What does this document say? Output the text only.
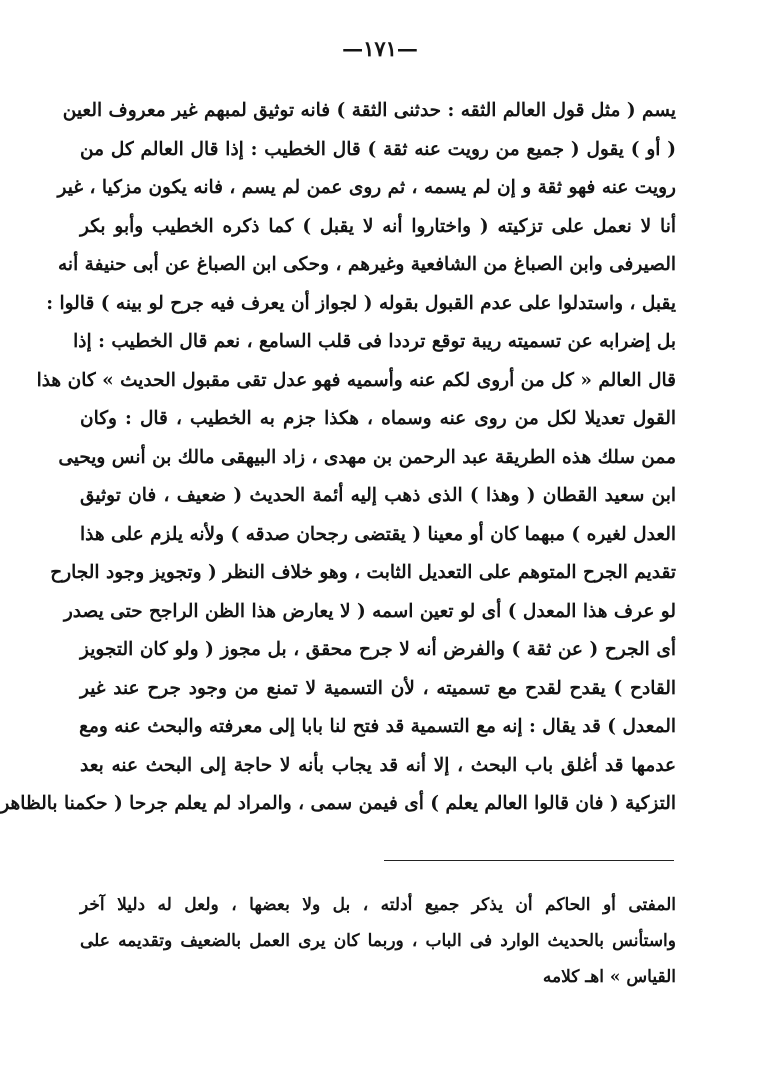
—١٧١—
يسم ( مثل قول العالم الثقه : حدثنى الثقة ) فانه توثيق لمبهم غير معروف العين
( أو ) يقول ( جميع من رويت عنه ثقة ) قال الخطيب : إذا قال العالم كل من
رويت عنه فهو ثقة و إن لم يسمه ، ثم روى عمن لم يسم ، فانه يكون مزكيا ، غير
أنا لا نعمل على تزكيته ( واختاروا أنه لا يقبل ) كما ذكره الخطيب وأبو بكر
الصيرفى وابن الصباغ من الشافعية وغيرهم ، وحكى ابن الصباغ عن أبى حنيفة أنه
يقبل ، واستدلوا على عدم القبول بقوله ( لجواز أن يعرف فيه جرح لو بينه ) قالوا :
بل إضرابه عن تسميته ريبة توقع ترددا فى قلب السامع ، نعم قال الخطيب : إذا
قال العالم « كل من أروى لكم عنه وأسميه فهو عدل تقى مقبول الحديث » كان هذا
القول تعديلا لكل من روى عنه وسماه ، هكذا جزم به الخطيب ، قال : وكان
ممن سلك هذه الطريقة عبد الرحمن بن مهدى ، زاد البيهقى مالك بن أنس ويحيى
ابن سعيد القطان ( وهذا ) الذى ذهب إليه أئمة الحديث ( ضعيف ، فان توثيق
العدل لغيره ) مبهما كان أو معينا ( يقتضى رجحان صدقه ) ولأنه يلزم على هذا
تقديم الجرح المتوهم على التعديل الثابت ، وهو خلاف النظر ( وتجويز وجود الجارح
لو عرف هذا المعدل ) أى لو تعين اسمه ( لا يعارض هذا الظن الراجح حتى يصدر
أى الجرح ( عن ثقة ) والفرض أنه لا جرح محقق ، بل مجوز ( ولو كان التجويز
القادح ) يقدح لقدح مع تسميته ، لأن التسمية لا تمنع من وجود جرح عند غير
المعدل ) قد يقال : إنه مع التسمية قد فتح لنا بابا إلى معرفته والبحث عنه ومع
عدمها قد أغلق باب البحث ، إلا أنه قد يجاب بأنه لا حاجة إلى البحث عنه بعد
التزكية ( فان قالوا العالم يعلم ) أى فيمن سمى ، والمراد لم يعلم جرحا ( حكمنا بالظاهر
المفتى أو الحاكم أن يذكر جميع أدلته ، بل ولا بعضها ، ولعل له دليلا آخر
واستأنس بالحديث الوارد فى الباب ، وربما كان يرى العمل بالضعيف وتقديمه على
القياس » اهـ كلامه
